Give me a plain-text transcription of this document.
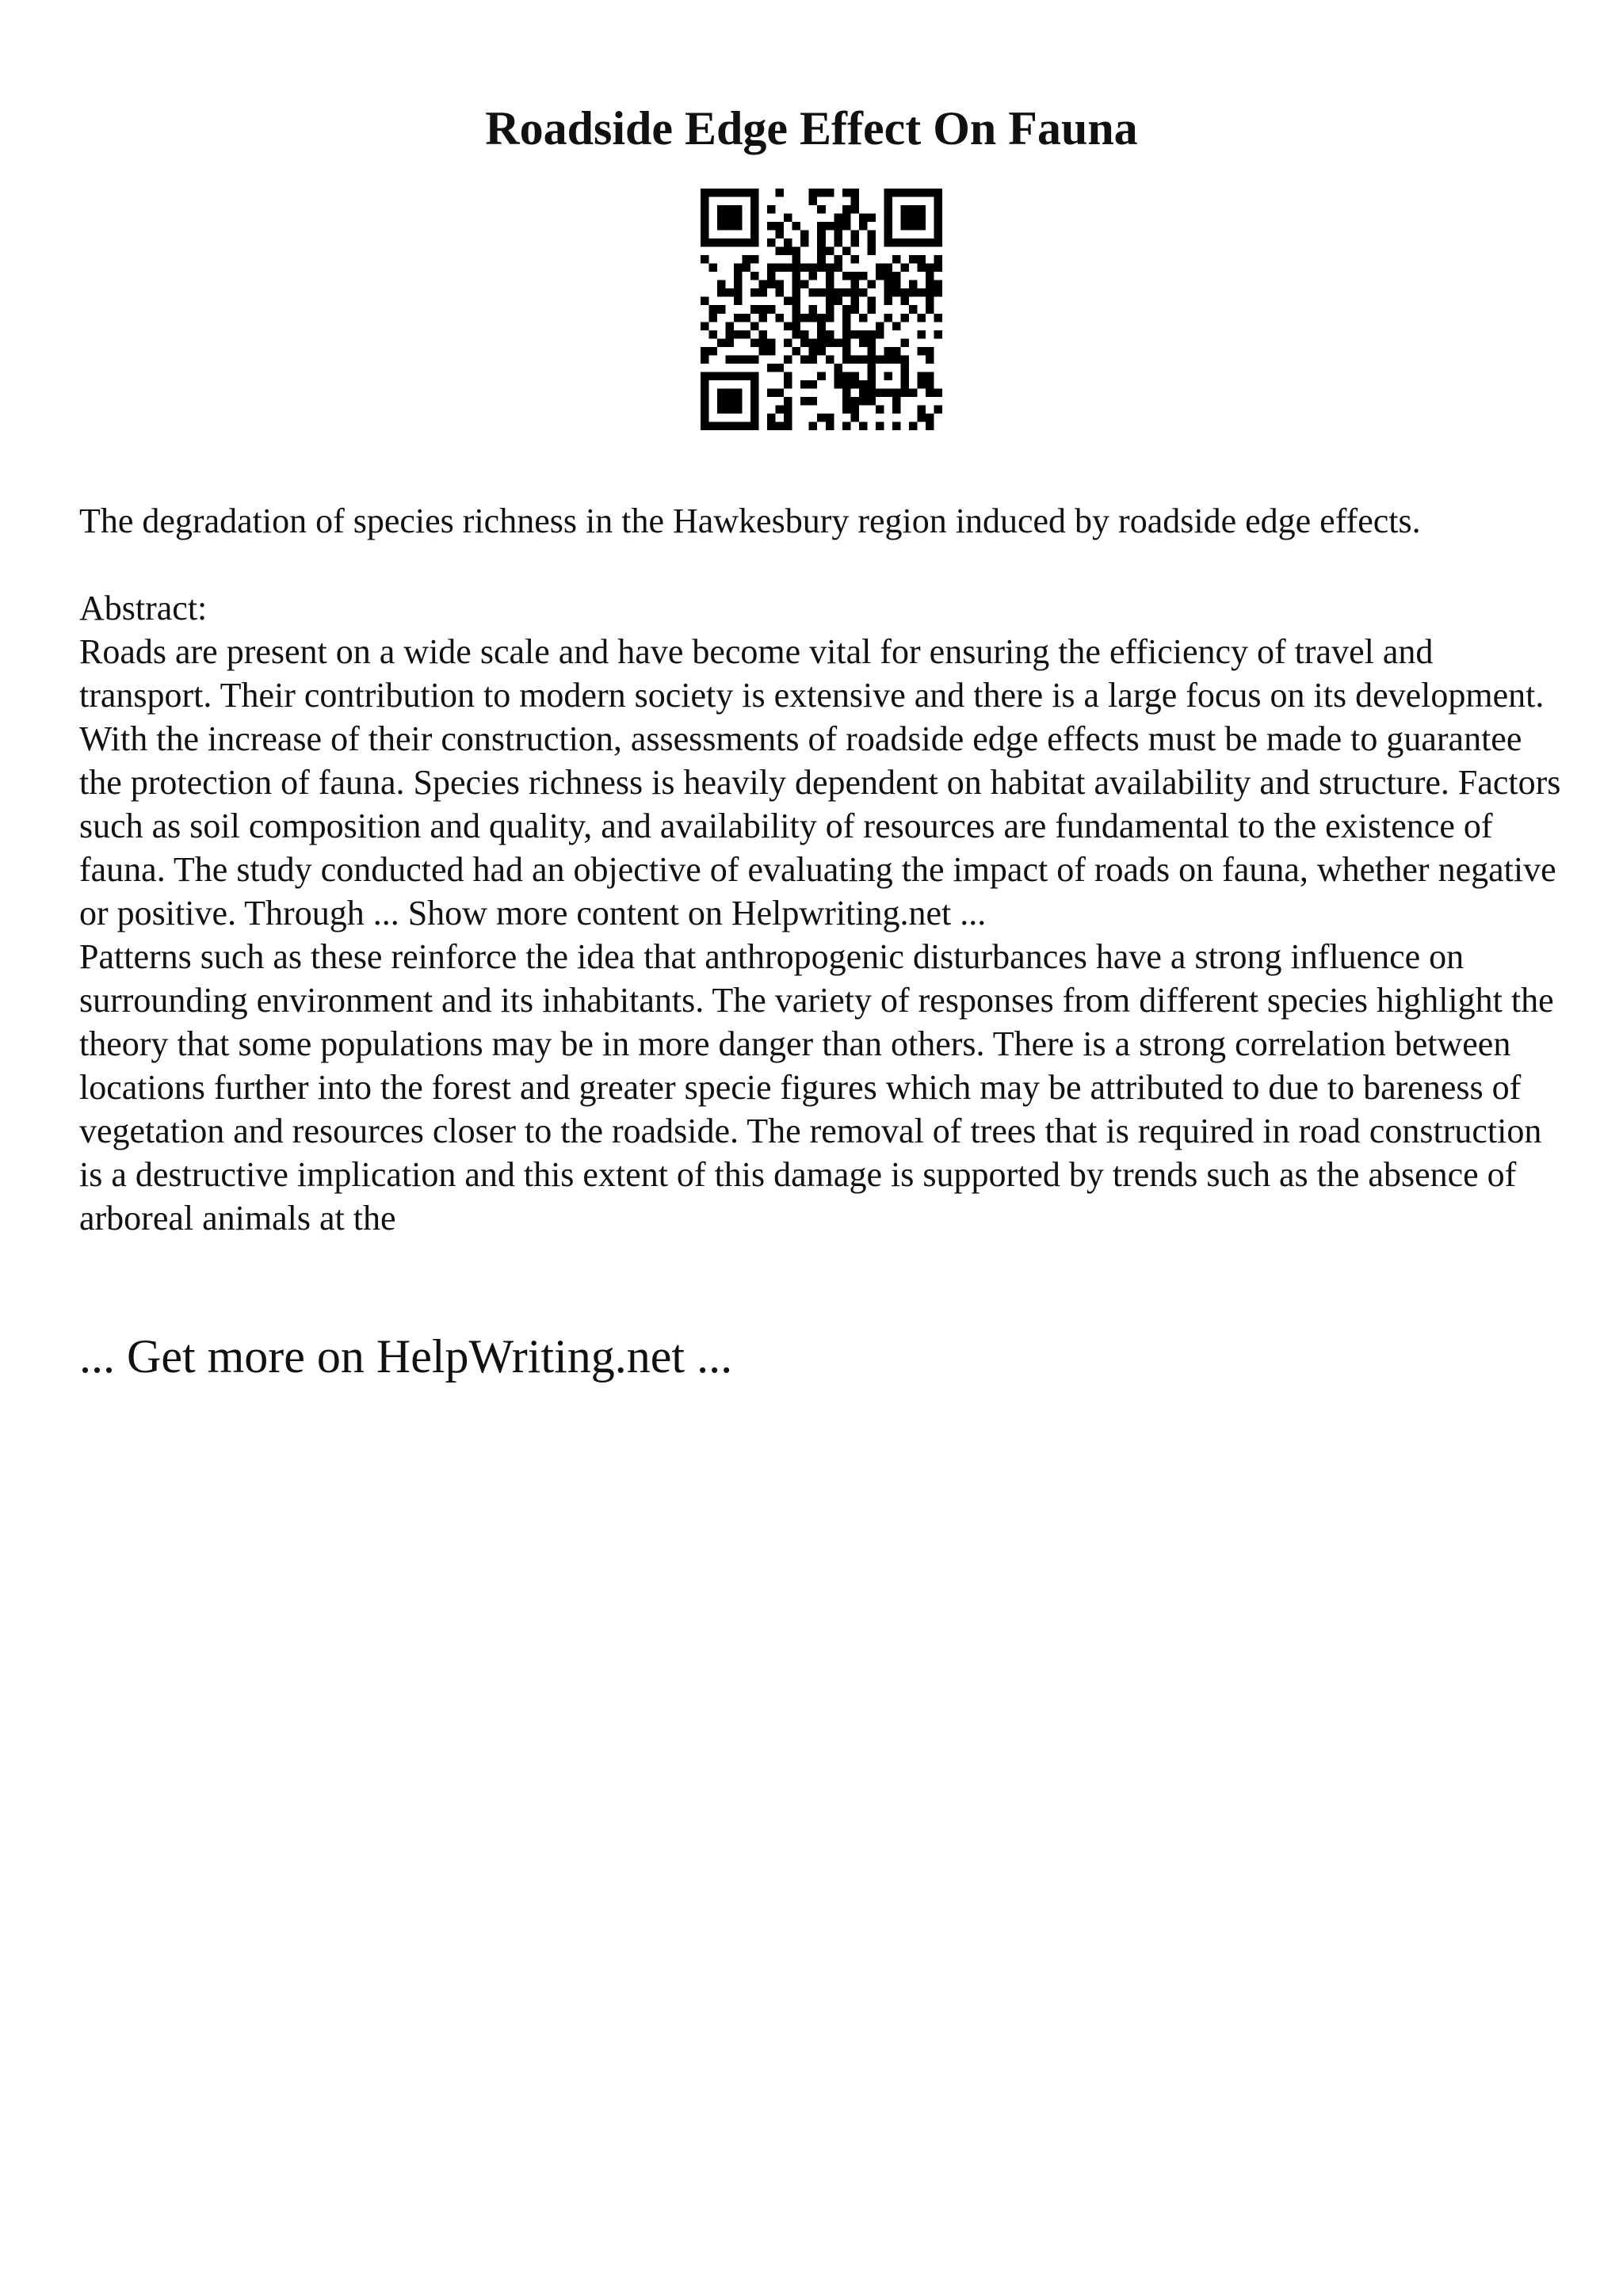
Roadside Edge Effect On Fauna

The degradation of species richness in the Hawkesbury region induced by roadside edge effects.

Abstract:

Roads are present on a wide scale and have become vital for ensuring the efficiency of travel and transport. Their contribution to modern society is extensive and there is a large focus on its development. With the increase of their construction, assessments of roadside edge effects must be made to guarantee the protection of fauna. Species richness is heavily dependent on habitat availability and structure. Factors such as soil composition and quality, and availability of resources are fundamental to the existence of fauna. The study conducted had an objective of evaluating the impact of roads on fauna, whether negative or positive. Through ... Show more content on Helpwriting.net ...

Patterns such as these reinforce the idea that anthropogenic disturbances have a strong influence on surrounding environment and its inhabitants. The variety of responses from different species highlight the theory that some populations may be in more danger than others. There is a strong correlation between locations further into the forest and greater specie figures which may be attributed to due to bareness of vegetation and resources closer to the roadside. The removal of trees that is required in road construction is a destructive implication and this extent of this damage is supported by trends such as the absence of arboreal animals at the

... Get more on HelpWriting.net ...
